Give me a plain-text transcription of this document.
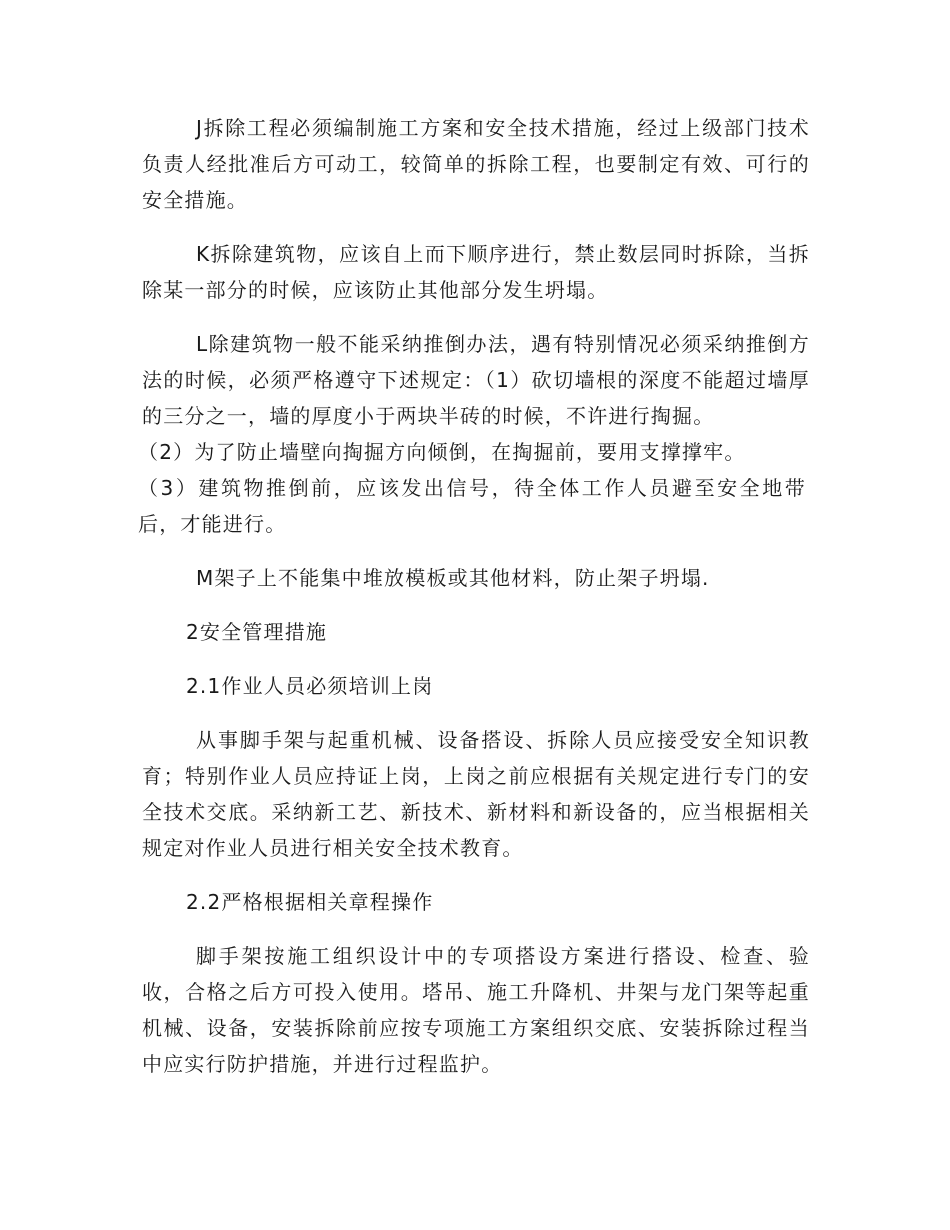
J拆除工程必须编制施工方案和安全技术措施，经过上级部门技术负责人经批准后方可动工，较简单的拆除工程，也要制定有效、可行的安全措施。

K拆除建筑物，应该自上而下顺序进行，禁止数层同时拆除，当拆除某一部分的时候，应该防止其他部分发生坍塌。

L除建筑物一般不能采纳推倒办法，遇有特别情况必须采纳推倒方法的时候，必须严格遵守下述规定：（1）砍切墙根的深度不能超过墙厚的三分之一，墙的厚度小于两块半砖的时候，不许进行掏掘。

（2）为了防止墙壁向掏掘方向倾倒，在掏掘前，要用支撑撑牢。

（3）建筑物推倒前，应该发出信号，待全体工作人员避至安全地带后，才能进行。

M架子上不能集中堆放模板或其他材料，防止架子坍塌.

2安全管理措施

2.1作业人员必须培训上岗

从事脚手架与起重机械、设备搭设、拆除人员应接受安全知识教育；特别作业人员应持证上岗，上岗之前应根据有关规定进行专门的安全技术交底。采纳新工艺、新技术、新材料和新设备的，应当根据相关规定对作业人员进行相关安全技术教育。

2.2严格根据相关章程操作

脚手架按施工组织设计中的专项搭设方案进行搭设、检查、验收，合格之后方可投入使用。塔吊、施工升降机、井架与龙门架等起重机械、设备，安装拆除前应按专项施工方案组织交底、安装拆除过程当中应实行防护措施，并进行过程监护。
